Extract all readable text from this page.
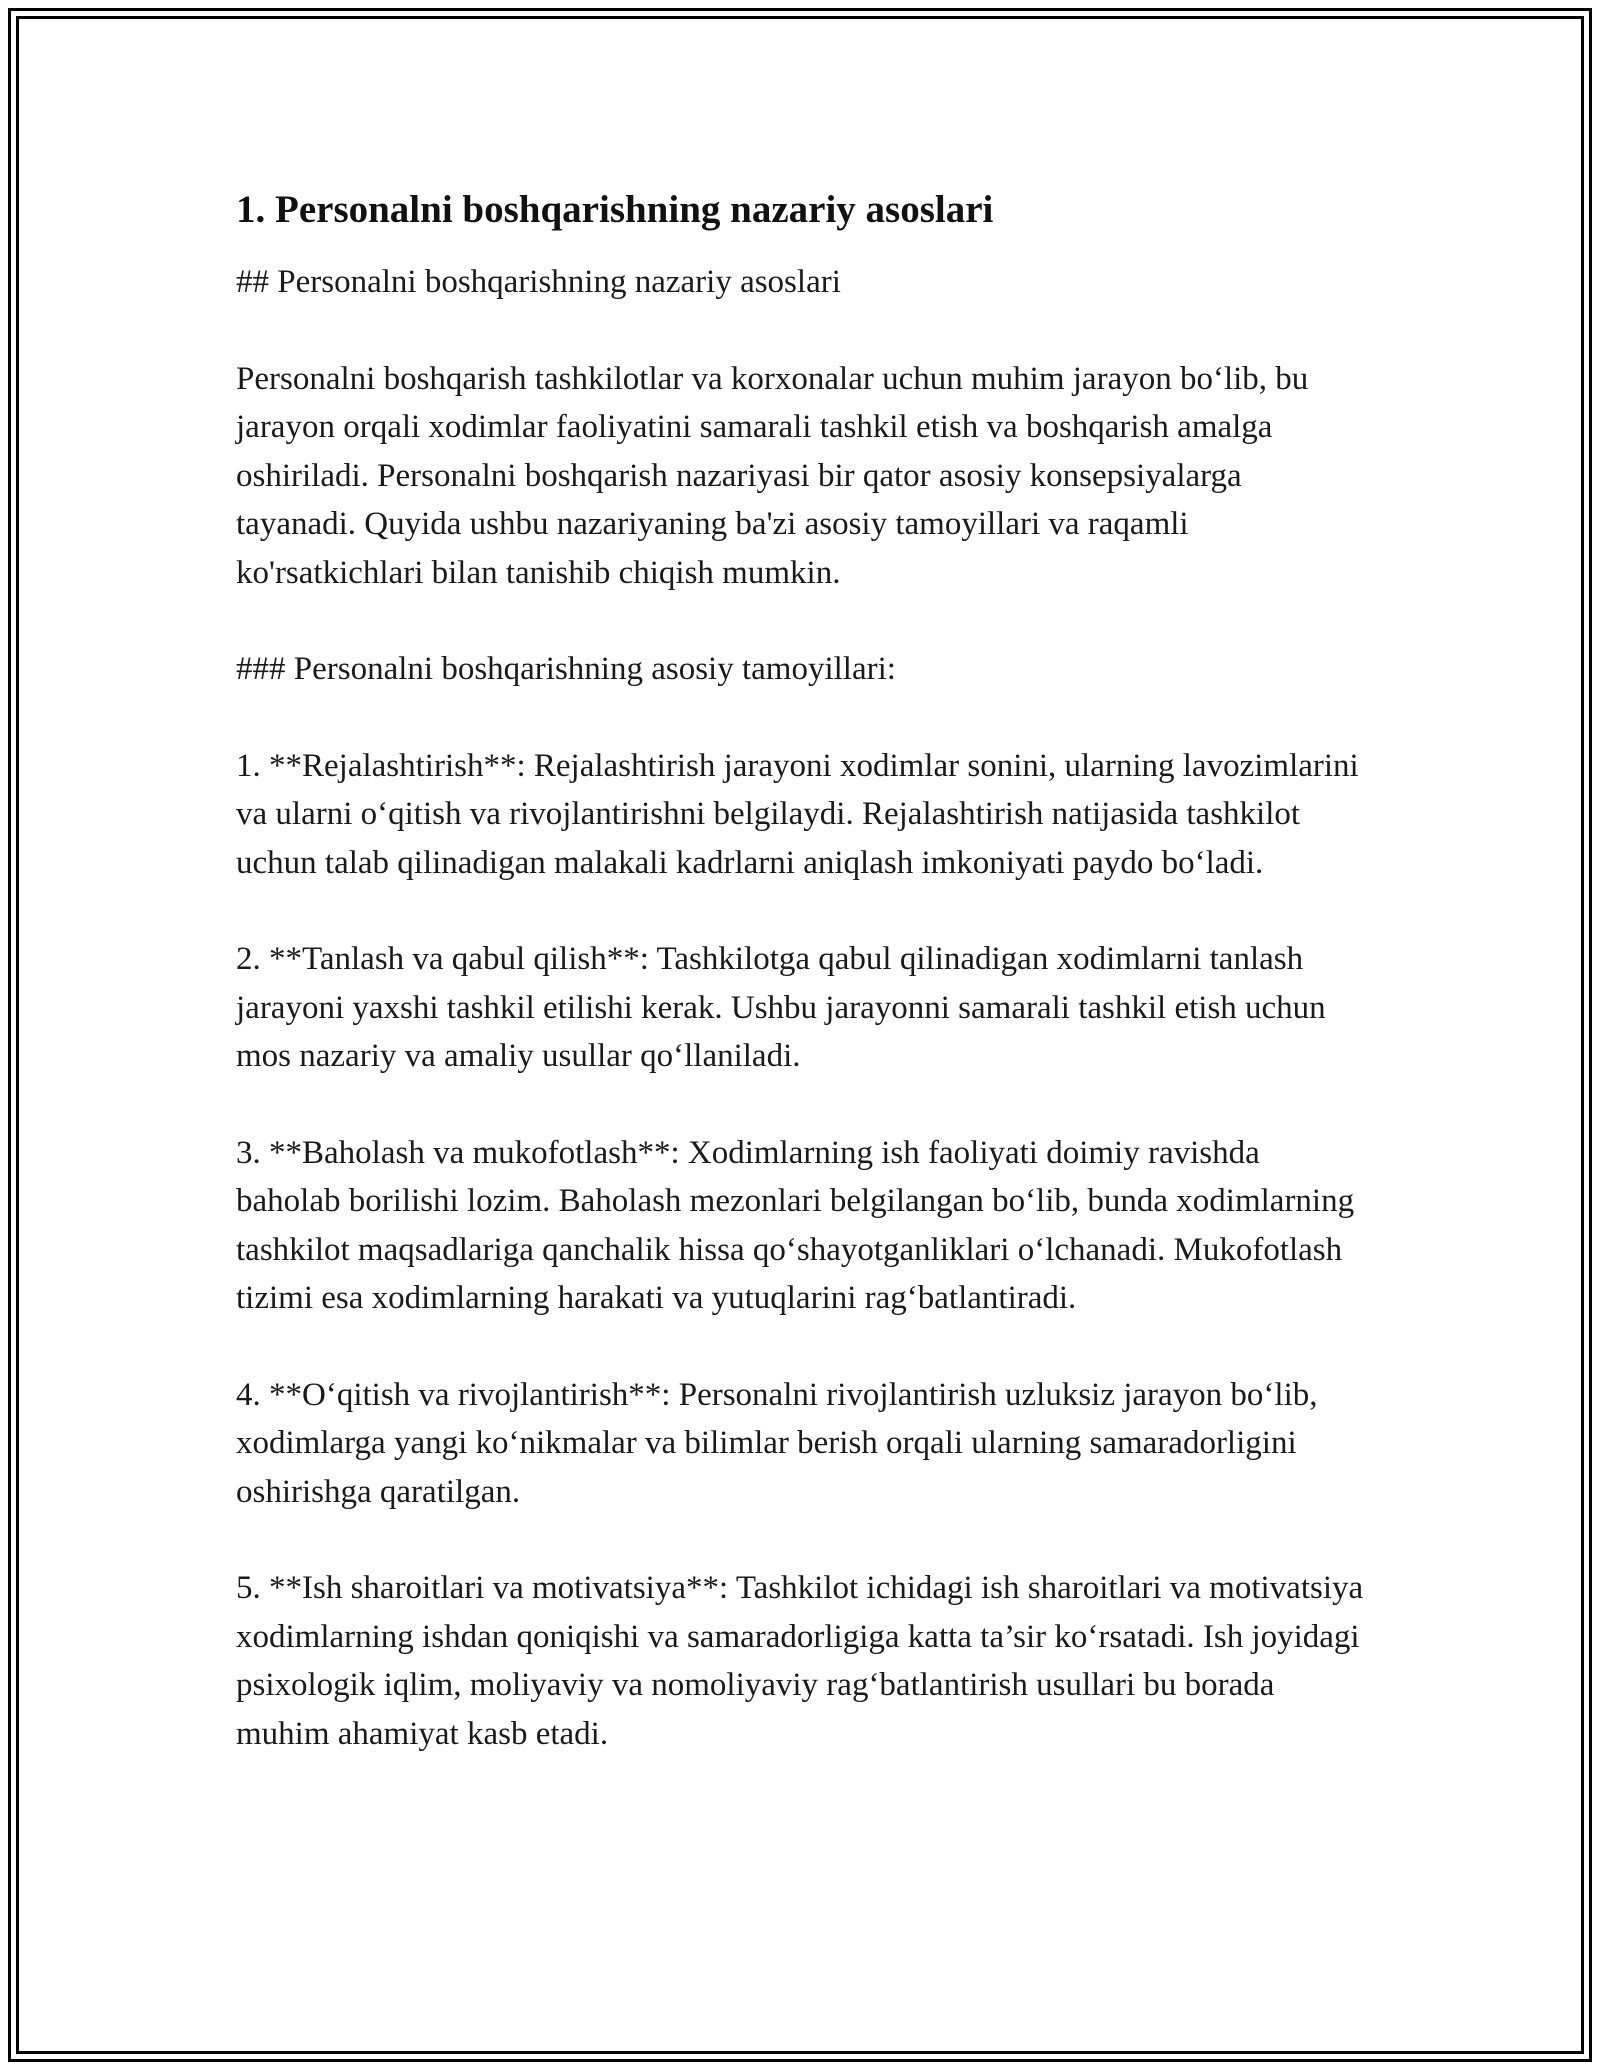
1. Personalni boshqarishning nazariy asoslari

## Personalni boshqarishning nazariy asoslari

Personalni boshqarish tashkilotlar va korxonalar uchun muhim jarayon bo‘lib, bu jarayon orqali xodimlar faoliyatini samarali tashkil etish va boshqarish amalga oshiriladi. Personalni boshqarish nazariyasi bir qator asosiy konsepsiyalarga tayanadi. Quyida ushbu nazariyaning ba'zi asosiy tamoyillari va raqamli ko'rsatkichlari bilan tanishib chiqish mumkin.

### Personalni boshqarishning asosiy tamoyillari:

1. **Rejalashtirish**: Rejalashtirish jarayoni xodimlar sonini, ularning lavozimlarini va ularni o‘qitish va rivojlantirishni belgilaydi. Rejalashtirish natijasida tashkilot uchun talab qilinadigan malakali kadrlarni aniqlash imkoniyati paydo bo‘ladi.

2. **Tanlash va qabul qilish**: Tashkilotga qabul qilinadigan xodimlarni tanlash jarayoni yaxshi tashkil etilishi kerak. Ushbu jarayonni samarali tashkil etish uchun mos nazariy va amaliy usullar qo‘llaniladi.

3. **Baholash va mukofotlash**: Xodimlarning ish faoliyati doimiy ravishda baholab borilishi lozim. Baholash mezonlari belgilangan bo‘lib, bunda xodimlarning tashkilot maqsadlariga qanchalik hissa qo‘shayotganliklari o‘lchanadi. Mukofotlash tizimi esa xodimlarning harakati va yutuqlarini rag‘batlantiradi.

4. **O‘qitish va rivojlantirish**: Personalni rivojlantirish uzluksiz jarayon bo‘lib, xodimlarga yangi ko‘nikmalar va bilimlar berish orqali ularning samaradorligini oshirishga qaratilgan.

5. **Ish sharoitlari va motivatsiya**: Tashkilot ichidagi ish sharoitlari va motivatsiya xodimlarning ishdan qoniqishi va samaradorligiga katta ta’sir ko‘rsatadi. Ish joyidagi psixologik iqlim, moliyaviy va nomoliyaviy rag‘batlantirish usullari bu borada muhim ahamiyat kasb etadi.
